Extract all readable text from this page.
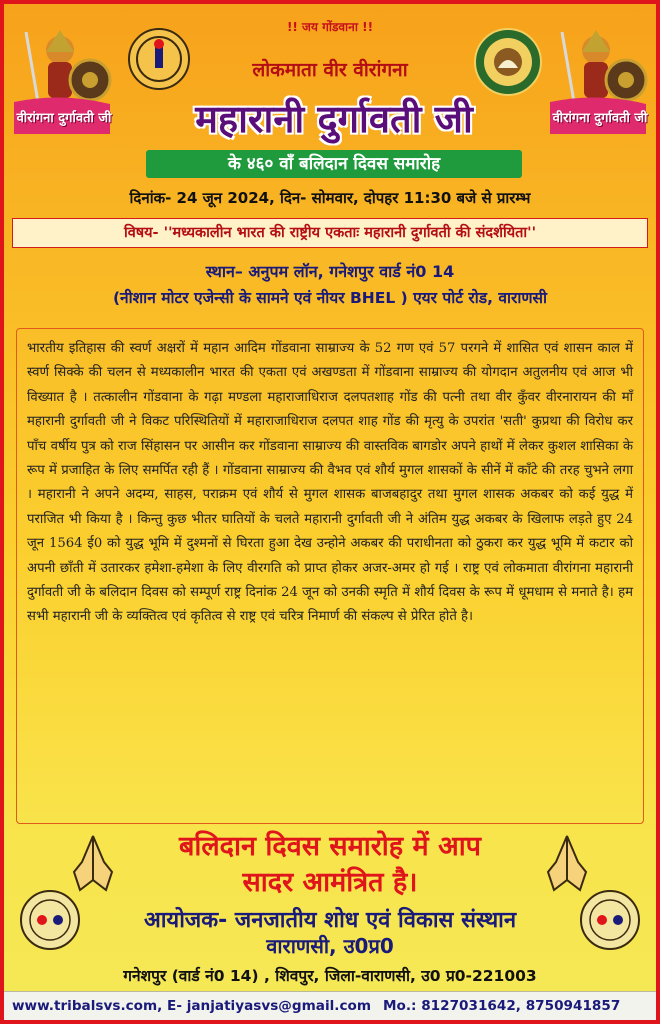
वीरांगना दुर्गावती जी	वीरांगना दुर्गावती जी
!! जय गोंडवाना !!
लोकमाता वीर वीरांगना
महारानी दुर्गावती जी
के ४६० वाँ बलिदान दिवस समारोह
दिनांक- 24 जून 2024, दिन- सोमवार, दोपहर 11:30 बजे से प्रारम्भ
विषय- ''मध्यकालीन भारत की राष्ट्रीय एकताः महारानी दुर्गावती की संदर्शयिता''
स्थान– अनुपम लॉन, गनेशपुर वार्ड नं0 14
(नीशान मोटर एजेन्सी के सामने एवं नीयर BHEL ) एयर पोर्ट रोड, वाराणसी
भारतीय इतिहास की स्वर्ण अक्षरों में महान आदिम गोंडवाना साम्राज्य के 52 गण एवं 57 परगने में शासित एवं शासन काल में स्वर्ण सिक्के की चलन से मध्यकालीन भारत की एकता एवं अखण्डता में गोंडवाना साम्राज्य की योगदान अतुलनीय एवं आज भी विख्यात है । तत्कालीन गोंडवाना के गढ़ा मण्डला महाराजाधिराज दलपतशाह गोंड की पत्नी तथा वीर कुँवर वीरनारायन की माँ महारानी दुर्गावती जी ने विकट परिस्थितियों में महाराजाधिराज दलपत शाह गोंड की मृत्यु के उपरांत 'सती' कुप्रथा की विरोध कर पाँच वर्षीय पुत्र को राज सिंहासन पर आसीन कर गोंडवाना साम्राज्य की वास्तविक बागडोर अपने हाथों में लेकर कुशल शासिका के रूप में प्रजाहित के लिए समर्पित रही हैं । गोंडवाना साम्राज्य की वैभव एवं शौर्य मुगल शासकों के सीनें में काँटे की तरह चुभने लगा । महारानी ने अपने अदम्य, साहस, पराक्रम एवं शौर्य से मुगल शासक बाजबहादुर तथा मुगल शासक अकबर को कई युद्ध में पराजित भी किया है । किन्तु कुछ भीतर घातियों के चलते महारानी दुर्गावती जी ने अंतिम युद्ध अकबर के खिलाफ लड़ते हुए 24 जून 1564 ई0 को युद्ध भूमि में दुश्मनों से घिरता हुआ देख उन्होने अकबर की पराधीनता को ठुकरा कर युद्ध भूमि में कटार को अपनी छाँती में उतारकर हमेशा-हमेशा के लिए वीरगति को प्राप्त होकर अजर-अमर हो गई । राष्ट्र एवं लोकमाता वीरांगना महारानी दुर्गावती जी के बलिदान दिवस को सम्पूर्ण राष्ट्र दिनांक 24 जून को उनकी स्मृति में शौर्य दिवस के रूप में धूमधाम से मनाते है। हम सभी महारानी जी के व्यक्तित्व एवं कृतित्व से राष्ट्र एवं चरित्र निमार्ण की संकल्प से प्रेरित होते है।
बलिदान दिवस समारोह में आप
सादर आमंत्रित है।
आयोजक- जनजातीय शोध एवं विकास संस्थान
वाराणसी, उ0प्र0
गनेशपुर (वार्ड नं0 14) , शिवपुर, जिला-वाराणसी, उ0 प्र0-221003
www.tribalsvs.com, E- janjatiyasvs@gmail.com Mo.: 8127031642, 8750941857
